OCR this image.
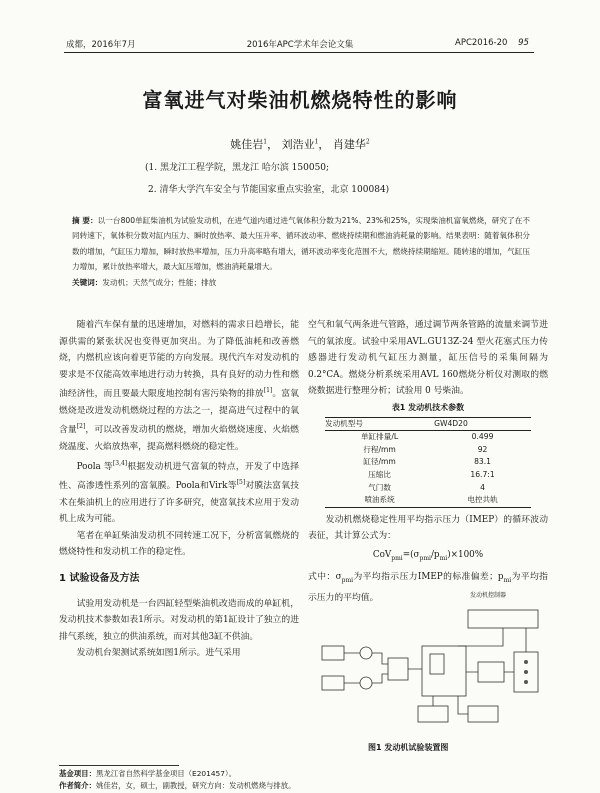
成都，2016年7月	2016年APC学术年会论文集	APC2016-20 95
富氧进气对柴油机燃烧特性的影响
姚佳岩$^1$， 刘浩业$^1$， 肖建华$^2$
(1. 黑龙江工程学院，黑龙江 哈尔滨 150050;
2. 清华大学汽车安全与节能国家重点实验室，北京 100084)
摘 要：以一台800单缸柴油机为试验发动机，在进气道内通过进气氧体积分数为21%、23%和25%，实现柴油机富氧燃烧，研究了在不同转速下，氧体积分数对缸内压力、瞬时放热率、最大压升率、循环波动率、燃烧持续期和燃油消耗量的影响。结果表明：随着氧体积分数的增加，气缸压力增加，瞬时放热率增加，压力升高率略有增大，循环波动率变化范围不大，燃烧持续期缩短。随转速的增加，气缸压力增加，累计放热率增大，最大缸压增加，燃油消耗量增大。
关键词：发动机；天然气成分；性能；排放

随着汽车保有量的迅速增加，对燃料的需求日趋增长，能源供需的紧张状况也变得更加突出。为了降低油耗和改善燃烧，内燃机应该向着更节能的方向发展。现代汽车对发动机的要求是不仅能高效率地进行动力转换，具有良好的动力性和燃油经济性，而且要最大限度地控制有害污染物的排放[1]。富氧燃烧是改进发动机燃烧过程的方法之一，提高进气过程中的氧含量[2]，可以改善发动机的燃烧，增加火焰燃烧速度、火焰燃烧温度、火焰放热率，提高燃料燃烧的稳定性。

Poola 等[3,4]根据发动机进气富氧的特点，开发了中选择性、高渗透性系列的富氧膜。Poola和Virk等[5]对膜法富氧技术在柴油机上的应用进行了许多研究，使富氧技术应用于发动机上成为可能。

笔者在单缸柴油发动机不同转速工况下，分析富氧燃烧的燃烧特性和发动机工作的稳定性。

1 试验设备及方法

试验用发动机是一台四缸轻型柴油机改造而成的单缸机，发动机技术参数如表1所示。对发动机的第1缸设计了独立的进排气系统，独立的供油系统，而对其他3缸不供油。

发动机台架测试系统如图1所示。进气采用

空气和氧气两条进气管路，通过调节两条管路的流量来调节进气的氧浓度。试验中采用AVL.GU13Z-24 型火花塞式压力传感器进行发动机气缸压力测量，缸压信号的采集间隔为0.2°CA。燃烧分析系统采用AVL 160燃烧分析仪对测取的燃烧数据进行整理分析；试验用 0 号柴油。

表1 发动机技术参数

发动机型号	GW4D20
单缸排量/L	0.499
行程/mm	92
缸径/mm	83.1
压缩比	16.7:1
气门数	4
喷油系统	电控共轨

发动机燃烧稳定性用平均指示压力（IMEP）的循环波动表征，其计算公式为：

$CoV_{pmi}=(\sigma_{pmi}/p_{mi})\times 100\%$

式中：$\sigma_{pmi}$为平均指示压力IMEP的标准偏差；$p_{mi}$为平均指示压力的平均值。	发动机控制器
图1 发动机试验装置图
基金项目：黑龙江省自然科学基金项目（E201457）。
作者简介：姚佳岩，女，硕士，副教授，研究方向：发动机燃烧与排放。
